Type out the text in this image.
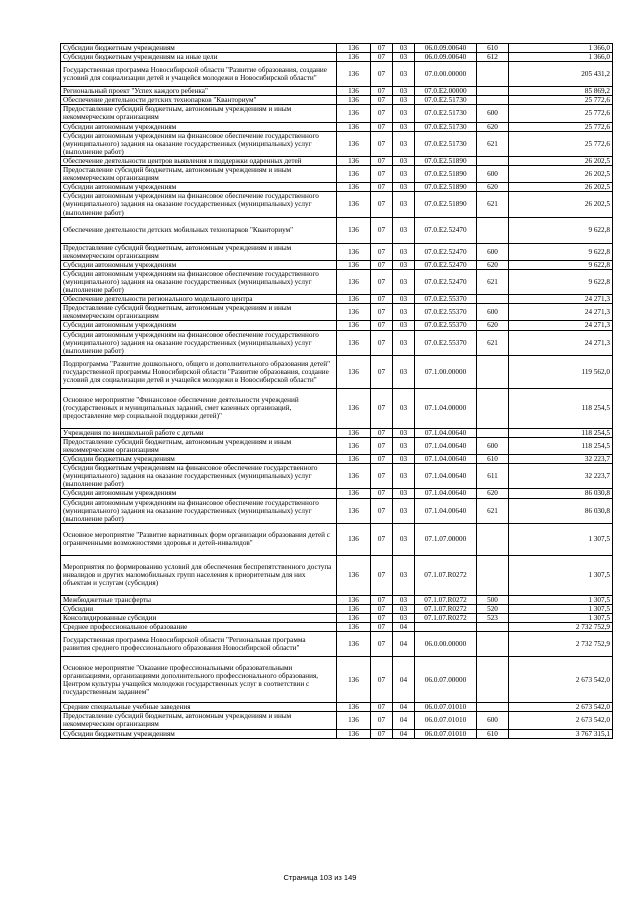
Субсидии бюджетным учреждениям	136	07	03	06.0.09.00640	610	1 366,0
Субсидии бюджетным учреждениям на иные цели	136	07	03	06.0.09.00640	612	1 366,0
Государственная программа Новосибирской области "Развитие образования, создание условий для социализации детей и учащейся молодежи в Новосибирской области"	136	07	03	07.0.00.00000		205 431,2
Региональный проект "Успех каждого ребенка"	136	07	03	07.0.E2.00000		85 869,2
Обеспечение деятельности детских технопарков "Кванториум"	136	07	03	07.0.E2.51730		25 772,6
Предоставление субсидий бюджетным, автономным учреждениям и иным некоммерческим организациям	136	07	03	07.0.E2.51730	600	25 772,6
Субсидии автономным учреждениям	136	07	03	07.0.E2.51730	620	25 772,6
Субсидии автономным учреждениям на финансовое обеспечение государственного (муниципального) задания на оказание государственных (муниципальных) услуг (выполнение работ)	136	07	03	07.0.E2.51730	621	25 772,6
Обеспечение деятельности центров выявления и поддержки одаренных детей	136	07	03	07.0.E2.51890		26 202,5
Предоставление субсидий бюджетным, автономным учреждениям и иным некоммерческим организациям	136	07	03	07.0.E2.51890	600	26 202,5
Субсидии автономным учреждениям	136	07	03	07.0.E2.51890	620	26 202,5
Субсидии автономным учреждениям на финансовое обеспечение государственного (муниципального) задания на оказание государственных (муниципальных) услуг (выполнение работ)	136	07	03	07.0.E2.51890	621	26 202,5
Обеспечение деятельности детских мобильных технопарков "Кванториум"	136	07	03	07.0.E2.52470		9 622,8
Предоставление субсидий бюджетным, автономным учреждениям и иным некоммерческим организациям	136	07	03	07.0.E2.52470	600	9 622,8
Субсидии автономным учреждениям	136	07	03	07.0.E2.52470	620	9 622,8
Субсидии автономным учреждениям на финансовое обеспечение государственного (муниципального) задания на оказание государственных (муниципальных) услуг (выполнение работ)	136	07	03	07.0.E2.52470	621	9 622,8
Обеспечение деятельности регионального модельного центра	136	07	03	07.0.E2.55370		24 271,3
Предоставление субсидий бюджетным, автономным учреждениям и иным некоммерческим организациям	136	07	03	07.0.E2.55370	600	24 271,3
Субсидии автономным учреждениям	136	07	03	07.0.E2.55370	620	24 271,3
Субсидии автономным учреждениям на финансовое обеспечение государственного (муниципального) задания на оказание государственных (муниципальных) услуг (выполнение работ)	136	07	03	07.0.E2.55370	621	24 271,3
Подпрограмма "Развитие дошкольного, общего и дополнительного образования детей" государственной программы Новосибирской области "Развитие образования, создание условий для социализации детей и учащейся молодежи в Новосибирской области"	136	07	03	07.1.00.00000		119 562,0
Основное мероприятие "Финансовое обеспечение деятельности учреждений (государственных и муниципальных заданий, смет казенных организаций, предоставление мер социальной поддержки детей)"	136	07	03	07.1.04.00000		118 254,5
Учреждения по внешкольной работе с детьми	136	07	03	07.1.04.00640		118 254,5
Предоставление субсидий бюджетным, автономным учреждениям и иным некоммерческим организациям	136	07	03	07.1.04.00640	600	118 254,5
Субсидии бюджетным учреждениям	136	07	03	07.1.04.00640	610	32 223,7
Субсидии бюджетным учреждениям на финансовое обеспечение государственного (муниципального) задания на оказание государственных (муниципальных) услуг (выполнение работ)	136	07	03	07.1.04.00640	611	32 223,7
Субсидии автономным учреждениям	136	07	03	07.1.04.00640	620	86 030,8
Субсидии автономным учреждениям на финансовое обеспечение государственного (муниципального) задания на оказание государственных (муниципальных) услуг (выполнение работ)	136	07	03	07.1.04.00640	621	86 030,8
Основное мероприятие "Развитие вариативных форм организации образования детей с ограниченными возможностями здоровья и детей-инвалидов"	136	07	03	07.1.07.00000		1 307,5
Мероприятия по формированию условий для обеспечения беспрепятственного доступа инвалидов и других маломобильных групп населения к приоритетным для них объектам и услугам (субсидия)	136	07	03	07.1.07.R0272		1 307,5
Межбюджетные трансферты	136	07	03	07.1.07.R0272	500	1 307,5
Субсидии	136	07	03	07.1.07.R0272	520	1 307,5
Консолидированные субсидии	136	07	03	07.1.07.R0272	523	1 307,5
Среднее профессиональное образование	136	07	04			2 732 752,9
Государственная программа Новосибирской области "Региональная программа развития среднего профессионального образования Новосибирской области"	136	07	04	06.0.00.00000		2 732 752,9
Основное мероприятие "Оказание профессиональными образовательными организациями, организациями дополнительного профессионального образования, Центром культуры учащейся молодежи государственных услуг в соответствии с государственным заданием"	136	07	04	06.0.07.00000		2 673 542,0
Средние специальные учебные заведения	136	07	04	06.0.07.01010		2 673 542,0
Предоставление субсидий бюджетным, автономным учреждениям и иным некоммерческим организациям	136	07	04	06.0.07.01010	600	2 673 542,0
Субсидии бюджетным учреждениям	136	07	04	06.0.07.01010	610	3 767 315,1
Страница 103 из 149
